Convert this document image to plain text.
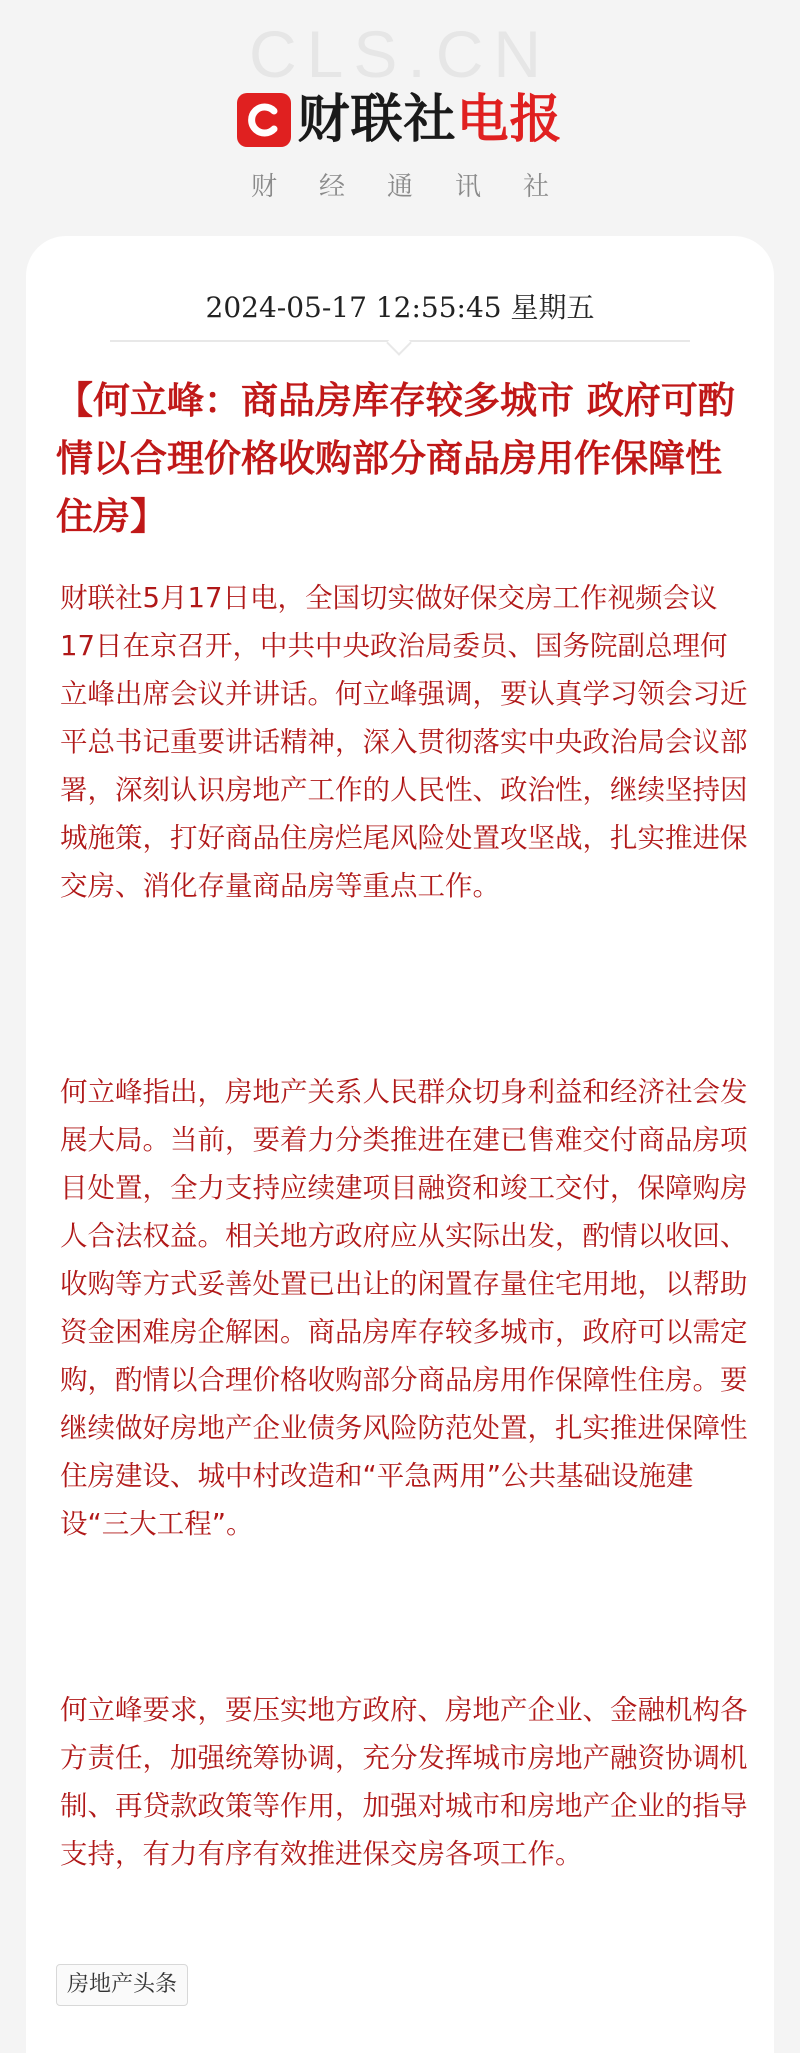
CLS.CN
财联社电报
财经通讯社
2024-05-17 12:55:45 星期五
【何立峰：商品房库存较多城市 政府可酌情以合理价格收购部分商品房用作保障性住房】

财联社5月17日电，全国切实做好保交房工作视频会议17日在京召开，中共中央政治局委员、国务院副总理何立峰出席会议并讲话。何立峰强调，要认真学习领会习近平总书记重要讲话精神，深入贯彻落实中央政治局会议部署，深刻认识房地产工作的人民性、政治性，继续坚持因城施策，打好商品住房烂尾风险处置攻坚战，扎实推进保交房、消化存量商品房等重点工作。

何立峰指出，房地产关系人民群众切身利益和经济社会发展大局。当前，要着力分类推进在建已售难交付商品房项目处置，全力支持应续建项目融资和竣工交付，保障购房人合法权益。相关地方政府应从实际出发，酌情以收回、收购等方式妥善处置已出让的闲置存量住宅用地，以帮助资金困难房企解困。商品房库存较多城市，政府可以需定购，酌情以合理价格收购部分商品房用作保障性住房。要继续做好房地产企业债务风险防范处置，扎实推进保障性住房建设、城中村改造和“平急两用”公共基础设施建设“三大工程”。

何立峰要求，要压实地方政府、房地产企业、金融机构各方责任，加强统筹协调，充分发挥城市房地产融资协调机制、再贷款政策等作用，加强对城市和房地产企业的指导支持，有力有序有效推进保交房各项工作。

房地产头条
